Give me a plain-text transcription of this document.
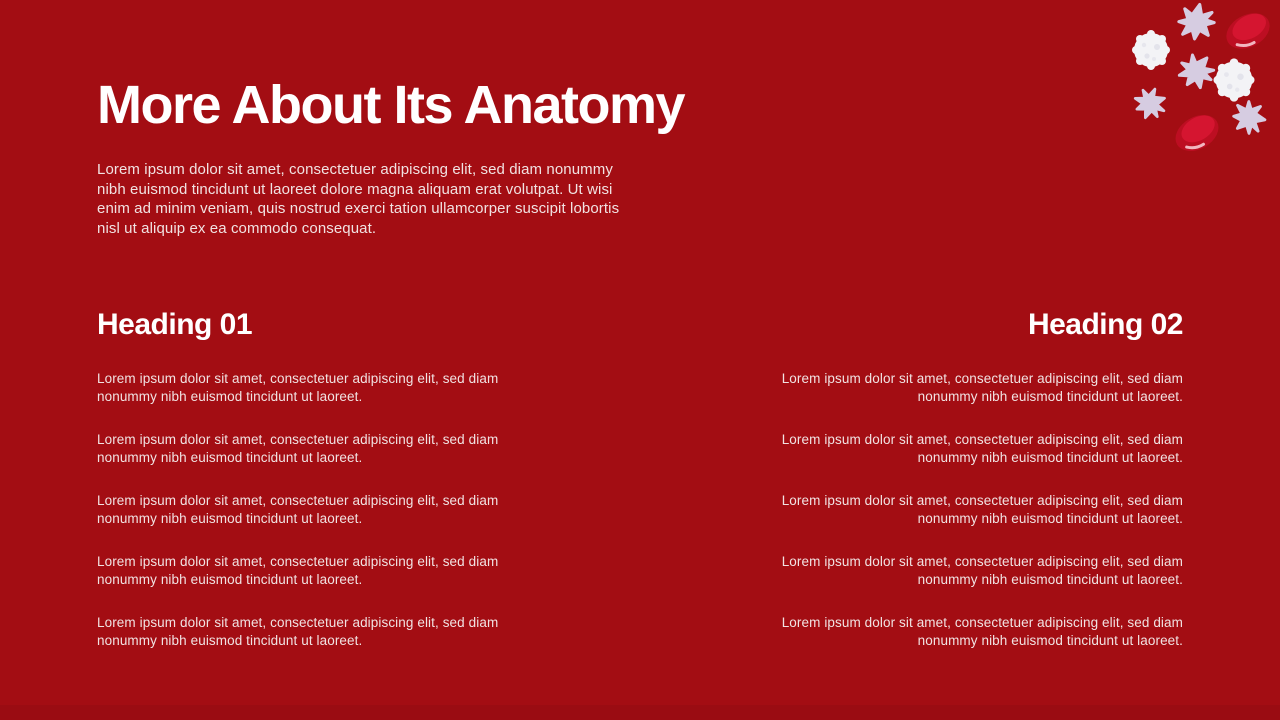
More About Its Anatomy
Lorem ipsum dolor sit amet, consectetuer adipiscing elit, sed diam nonummy nibh euismod tincidunt ut laoreet dolore magna aliquam erat volutpat. Ut wisi enim ad minim veniam, quis nostrud exerci tation ullamcorper suscipit lobortis nisl ut aliquip ex ea commodo consequat.
Heading 01

Lorem ipsum dolor sit amet, consectetuer adipiscing elit, sed diam nonummy nibh euismod tincidunt ut laoreet.

Lorem ipsum dolor sit amet, consectetuer adipiscing elit, sed diam nonummy nibh euismod tincidunt ut laoreet.

Lorem ipsum dolor sit amet, consectetuer adipiscing elit, sed diam nonummy nibh euismod tincidunt ut laoreet.

Lorem ipsum dolor sit amet, consectetuer adipiscing elit, sed diam nonummy nibh euismod tincidunt ut laoreet.

Lorem ipsum dolor sit amet, consectetuer adipiscing elit, sed diam nonummy nibh euismod tincidunt ut laoreet.

Heading 02

Lorem ipsum dolor sit amet, consectetuer adipiscing elit, sed diam nonummy nibh euismod tincidunt ut laoreet.

Lorem ipsum dolor sit amet, consectetuer adipiscing elit, sed diam nonummy nibh euismod tincidunt ut laoreet.

Lorem ipsum dolor sit amet, consectetuer adipiscing elit, sed diam nonummy nibh euismod tincidunt ut laoreet.

Lorem ipsum dolor sit amet, consectetuer adipiscing elit, sed diam nonummy nibh euismod tincidunt ut laoreet.

Lorem ipsum dolor sit amet, consectetuer adipiscing elit, sed diam nonummy nibh euismod tincidunt ut laoreet.
